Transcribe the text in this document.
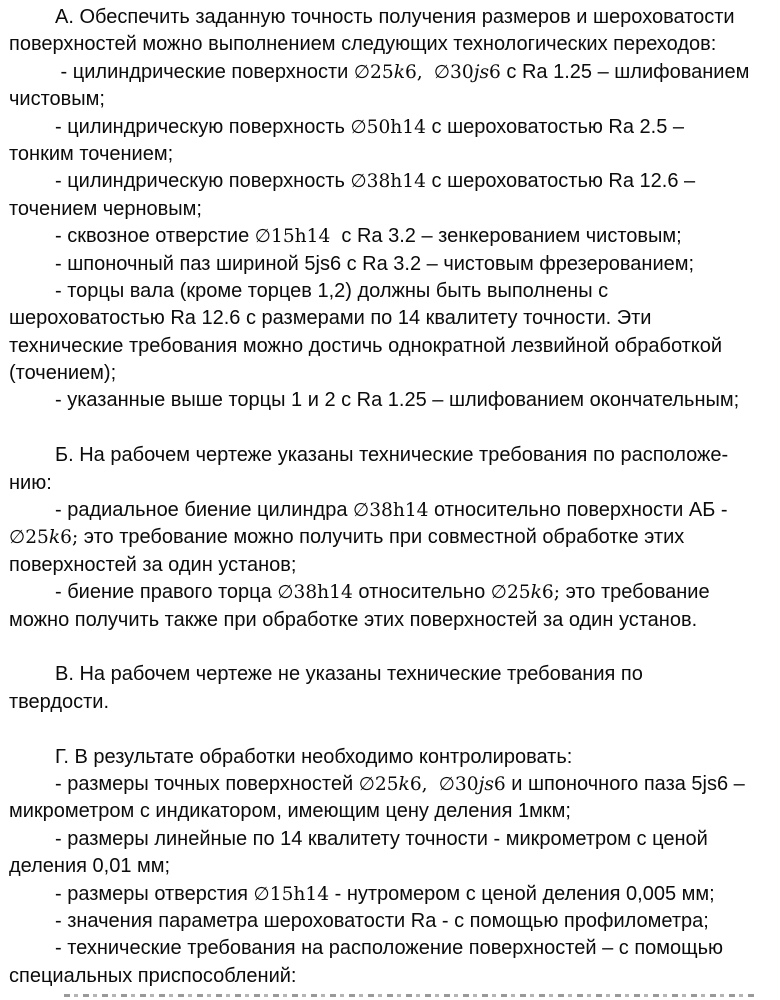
А. Обеспечить заданную точность получения размеров и шероховатости
поверхностей можно выполнением следующих технологических переходов:
- цилиндрические поверхности ∅25k6, ∅30js6 с Ra 1.25 – шлифованием
чистовым;
- цилиндрическую поверхность ∅50h14 с шероховатостью Ra 2.5 –
тонким точением;
- цилиндрическую поверхность ∅38h14 с шероховатостью Ra 12.6 –
точением черновым;
- сквозное отверстие ∅15h14  с Ra 3.2 – зенкерованием чистовым;
- шпоночный паз шириной 5js6 с Ra 3.2 – чистовым фрезерованием;
- торцы вала (кроме торцев 1,2) должны быть выполнены с
шероховатостью Ra 12.6 с размерами по 14 квалитету точности. Эти
технические требования можно достичь однократной лезвийной обработкой
(точением);
- указанные выше торцы 1 и 2 с Ra 1.25 – шлифованием окончательным;
Б. На рабочем чертеже указаны технические требования по расположе-
нию:
- радиальное биение цилиндра ∅38h14 относительно поверхности АБ -
∅25k6; это требование можно получить при совместной обработке этих
поверхностей за один установ;
- биение правого торца ∅38h14 относительно ∅25k6; это требование
можно получить также при обработке этих поверхностей за один установ.
В. На рабочем чертеже не указаны технические требования по
твердости.
Г. В результате обработки необходимо контролировать:
- размеры точных поверхностей ∅25k6, ∅30js6 и шпоночного паза 5js6 –
микрометром с индикатором, имеющим цену деления 1мкм;
- размеры линейные по 14 квалитету точности - микрометром с ценой
деления 0,01 мм;
- размеры отверстия ∅15h14 - нутромером с ценой деления 0,005 мм;
- значения параметра шероховатости Ra - с помощью профилометра;
- технические требования на расположение поверхностей – с помощью
специальных приспособлений:
